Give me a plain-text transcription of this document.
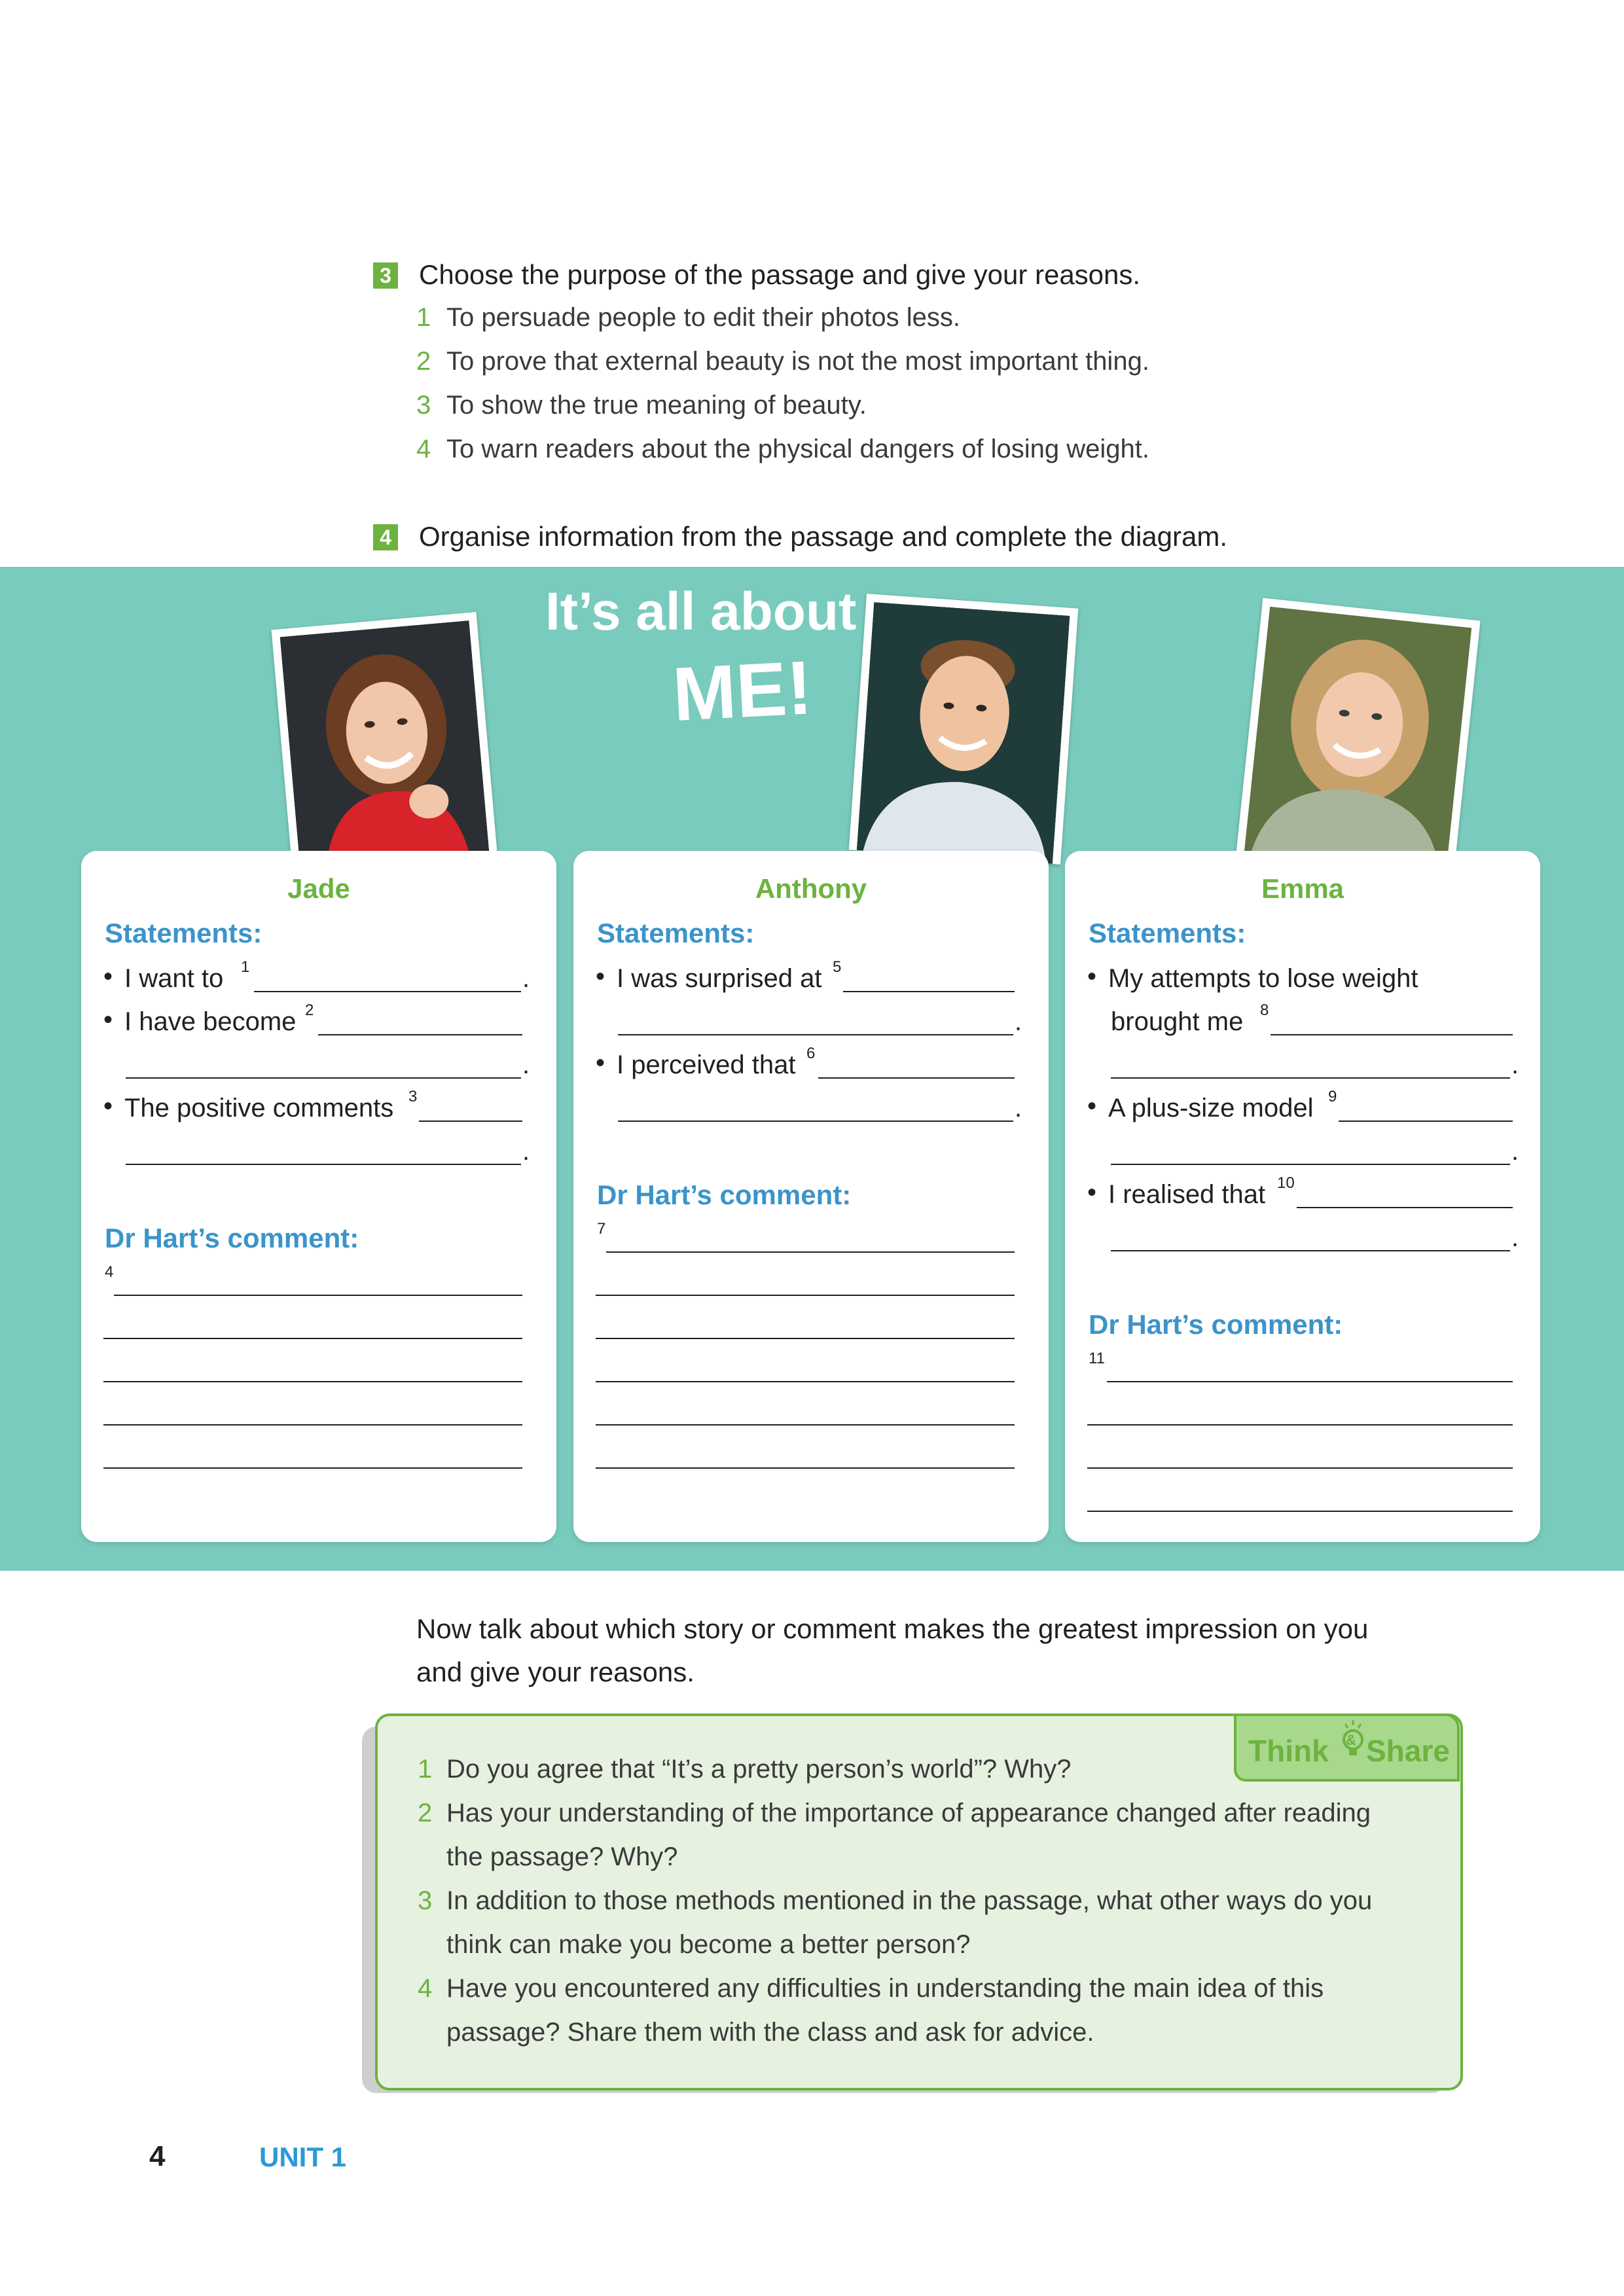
3 Choose the purpose of the passage and give your reasons.
1 To persuade people to edit their photos less.
2 To prove that external beauty is not the most important thing.
3 To show the true meaning of beauty.
4 To warn readers about the physical dangers of losing weight.
4 Organise information from the passage and complete the diagram.
It’s all about
ME!
Jade
Statements:
• I want to 1	.
• I have become 2
.
• The positive comments 3
.
Dr Hart’s comment:
4
Anthony
Statements:
• I was surprised at 5
.
• I perceived that 6
.
Dr Hart’s comment:
7
Emma
Statements:
• My attempts to lose weight
brought me 8
.
• A plus-size model 9
.
• I realised that 10
.
Dr Hart’s comment:
11
Now talk about which story or comment makes the greatest impression on you
and give your reasons.
Think & Share
1 Do you agree that “It’s a pretty person’s world”? Why?
2 Has your understanding of the importance of appearance changed after reading
the passage? Why?
3 In addition to those methods mentioned in the passage, what other ways do you
think can make you become a better person?
4 Have you encountered any difficulties in understanding the main idea of this
passage? Share them with the class and ask for advice.
4	UNIT 1
